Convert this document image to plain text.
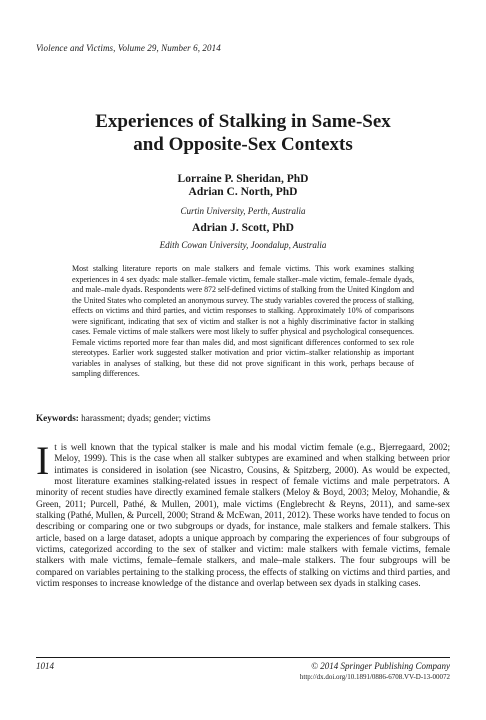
Violence and Victims, Volume 29, Number 6, 2014
Experiences of Stalking in Same-Sex
and Opposite-Sex Contexts
Lorraine P. Sheridan, PhD
Adrian C. North, PhD
Curtin University, Perth, Australia
Adrian J. Scott, PhD
Edith Cowan University, Joondalup, Australia
Most stalking literature reports on male stalkers and female victims. This work examines stalking experiences in 4 sex dyads: male stalker–female victim, female stalker–male victim, female–female dyads, and male–male dyads. Respondents were 872 self-defined victims of stalking from the United Kingdom and the United States who completed an anonymous survey. The study variables covered the process of stalking, effects on victims and third parties, and victim responses to stalking. Approximately 10% of comparisons were significant, indicating that sex of victim and stalker is not a highly discriminative factor in stalking cases. Female victims of male stalkers were most likely to suffer physical and psychological consequences. Female victims reported more fear than males did, and most significant differences conformed to sex role stereotypes. Earlier work suggested stalker motivation and prior victim–stalker relationship as important variables in analyses of stalking, but these did not prove significant in this work, perhaps because of sampling differences.
Keywords: harassment; dyads; gender; victims
It is well known that the typical stalker is male and his modal victim female (e.g., Bjerregaard, 2002; Meloy, 1999). This is the case when all stalker subtypes are examined and when stalking between prior intimates is considered in isolation (see Nicastro, Cousins, & Spitzberg, 2000). As would be expected, most literature examines stalking-related issues in respect of female victims and male perpetrators. A minority of recent studies have directly examined female stalkers (Meloy & Boyd, 2003; Meloy, Mohandie, & Green, 2011; Purcell, Pathé, & Mullen, 2001), male victims (Englebrecht & Reyns, 2011), and same-sex stalking (Pathé, Mullen, & Purcell, 2000; Strand & McEwan, 2011, 2012). These works have tended to focus on describing or comparing one or two subgroups or dyads, for instance, male stalkers and female stalkers. This article, based on a large dataset, adopts a unique approach by comparing the experiences of four subgroups of victims, categorized according to the sex of stalker and victim: male stalkers with female victims, female stalkers with male victims, female–female stalkers, and male–male stalkers. The four subgroups will be compared on variables pertaining to the stalking process, the effects of stalking on victims and third parties, and victim responses to increase knowledge of the distance and overlap between sex dyads in stalking cases.
1014	© 2014 Springer Publishing Company
http://dx.doi.org/10.1891/0886-6708.VV-D-13-00072
